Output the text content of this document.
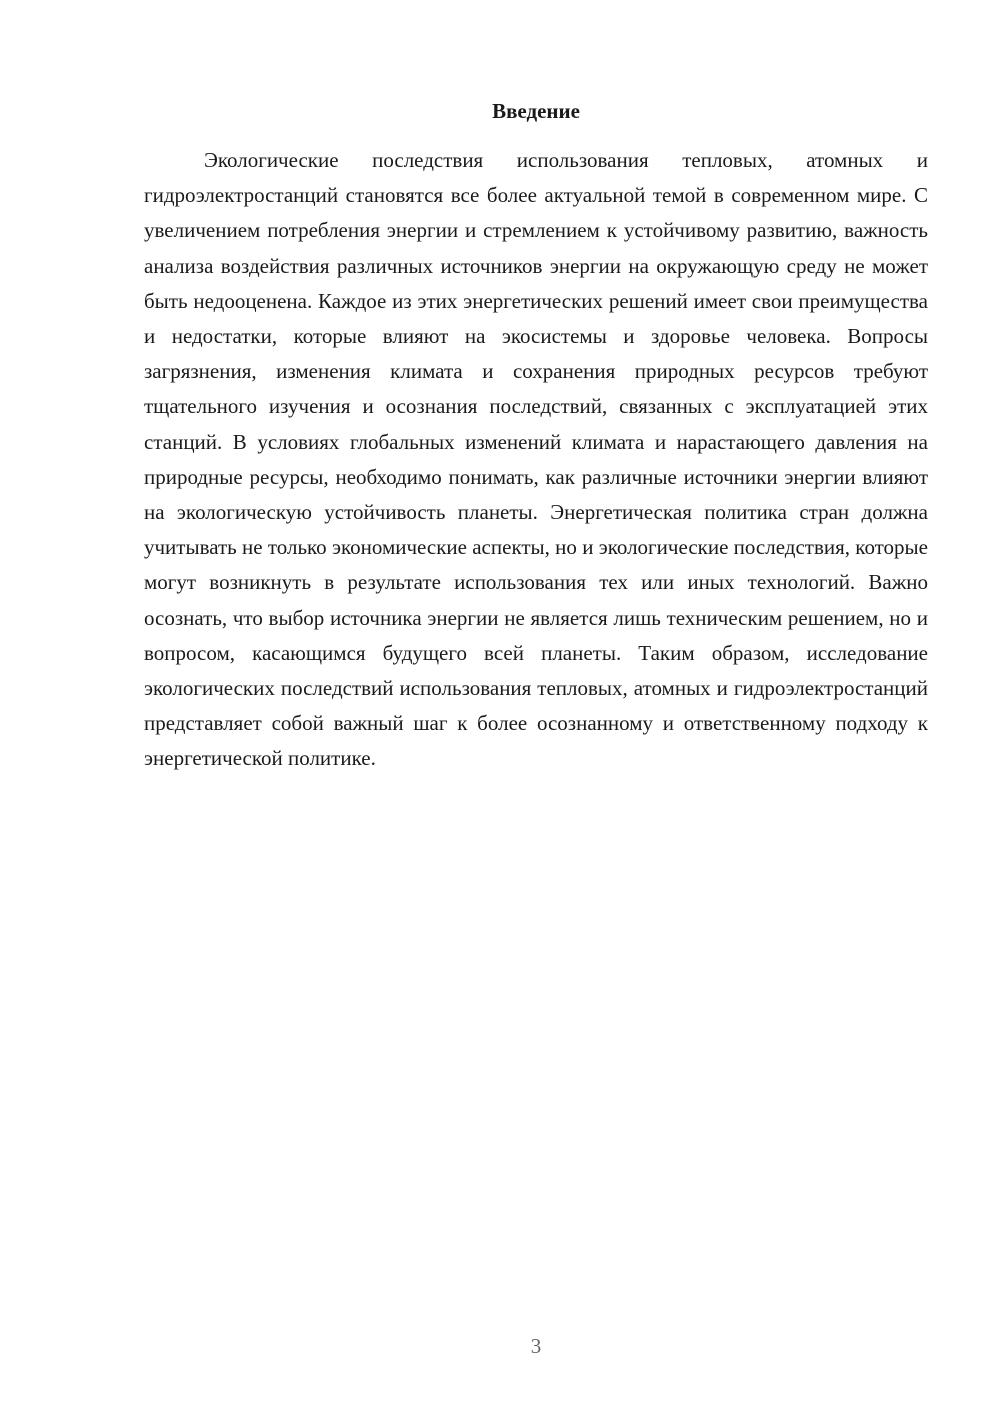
Введение

Экологические последствия использования тепловых, атомных и гидроэлектростанций становятся все более актуальной темой в современном мире. С увеличением потребления энергии и стремлением к устойчивому развитию, важность анализа воздействия различных источников энергии на окружающую среду не может быть недооценена. Каждое из этих энергетических решений имеет свои преимущества и недостатки, которые влияют на экосистемы и здоровье человека. Вопросы загрязнения, изменения климата и сохранения природных ресурсов требуют тщательного изучения и осознания последствий, связанных с эксплуатацией этих станций. В условиях глобальных изменений климата и нарастающего давления на природные ресурсы, необходимо понимать, как различные источники энергии влияют на экологическую устойчивость планеты. Энергетическая политика стран должна учитывать не только экономические аспекты, но и экологические последствия, которые могут возникнуть в результате использования тех или иных технологий. Важно осознать, что выбор источника энергии не является лишь техническим решением, но и вопросом, касающимся будущего всей планеты. Таким образом, исследование экологических последствий использования тепловых, атомных и гидроэлектростанций представляет собой важный шаг к более осознанному и ответственному подходу к энергетической политике.

3
